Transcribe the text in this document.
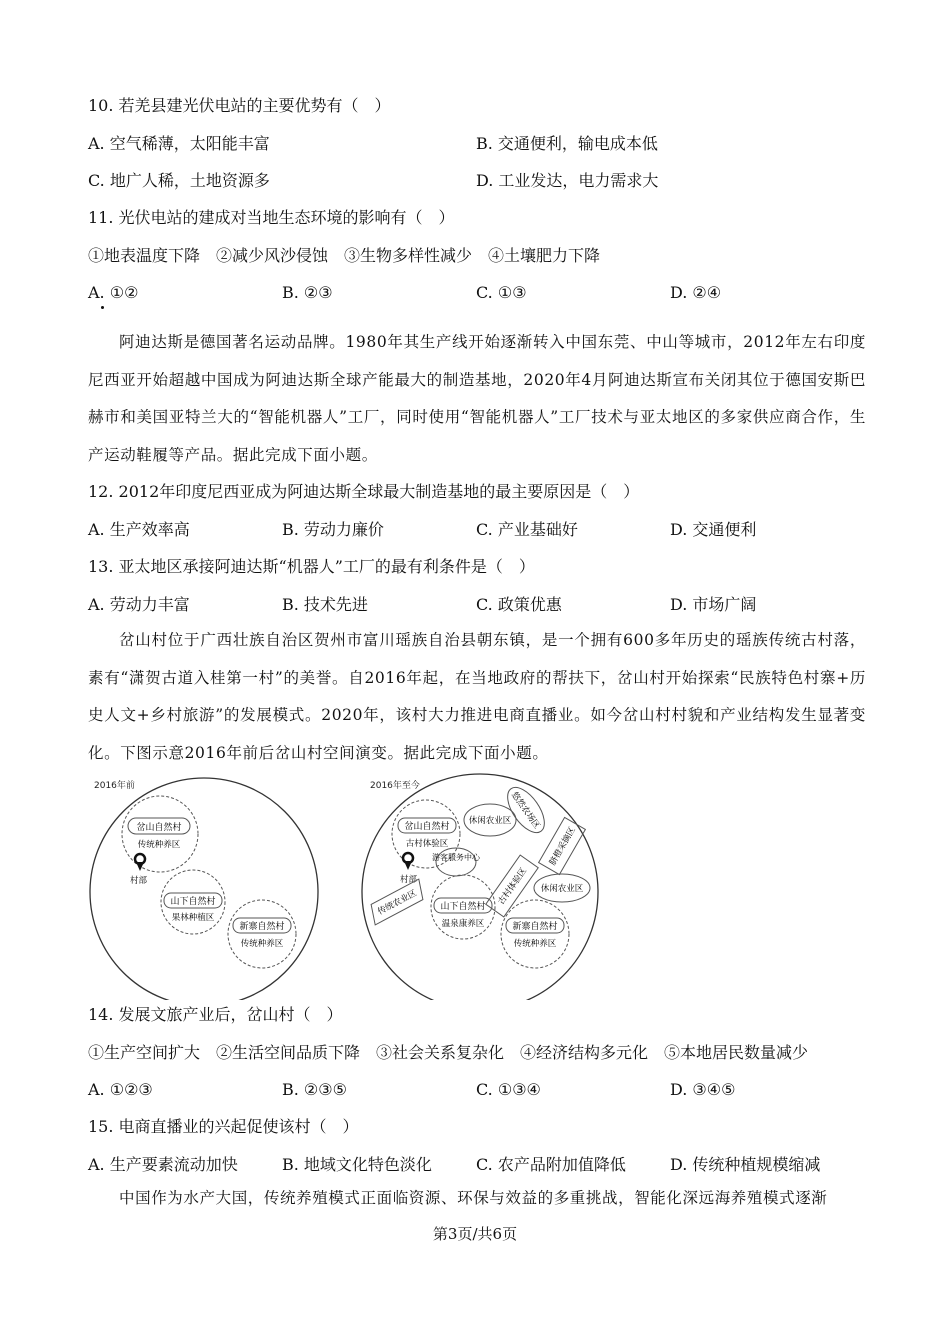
10. 若羌县建光伏电站的主要优势有（　）
A. 空气稀薄，太阳能丰富	B. 交通便利，输电成本低
C. 地广人稀，土地资源多	D. 工业发达，电力需求大
11. 光伏电站的建成对当地生态环境的影响有（　）
①地表温度下降　②减少风沙侵蚀　③生物多样性减少　④土壤肥力下降
A. ①②	B. ②③	C. ①③	D. ②④
阿迪达斯是德国著名运动品牌。1980年其生产线开始逐渐转入中国东莞、中山等城市，2012年左右印度尼西亚开始超越中国成为阿迪达斯全球产能最大的制造基地，2020年4月阿迪达斯宣布关闭其位于德国安斯巴赫市和美国亚特兰大的“智能机器人”工厂，同时使用“智能机器人”工厂技术与亚太地区的多家供应商合作，生产运动鞋履等产品。据此完成下面小题。
12. 2012年印度尼西亚成为阿迪达斯全球最大制造基地的最主要原因是（　）
A. 生产效率高	B. 劳动力廉价	C. 产业基础好	D. 交通便利
13. 亚太地区承接阿迪达斯“机器人”工厂的最有利条件是（　）
A. 劳动力丰富	B. 技术先进	C. 政策优惠	D. 市场广阔
岔山村位于广西壮族自治区贺州市富川瑶族自治县朝东镇，是一个拥有600多年历史的瑶族传统古村落，素有“潇贺古道入桂第一村”的美誉。自2016年起，在当地政府的帮扶下，岔山村开始探索“民族特色村寨+历史人文+乡村旅游”的发展模式。2020年，该村大力推进电商直播业。如今岔山村村貌和产业结构发生显著变化。下图示意2016年前后岔山村空间演变。据此完成下面小题。
2016年前
岔山自然村
传统种养区
村部
山下自然村
果林种植区
新寨自然村
传统种养区
2016年至今
岔山自然村
古村体验区
村部
休闲农业区
悠然农场区
脐橙采摘区
游客服务中心
古村体验区 休闲农业区
传统农业区 山下自然村
温泉康养区	新寨自然村
传统种养区
14. 发展文旅产业后，岔山村（　）
①生产空间扩大　②生活空间品质下降　③社会关系复杂化　④经济结构多元化　⑤本地居民数量减少
A. ①②③	B. ②③⑤	C. ①③④	D. ③④⑤
15. 电商直播业的兴起促使该村（　）
A. 生产要素流动加快	B. 地域文化特色淡化	C. 农产品附加值降低	D. 传统种植规模缩减
中国作为水产大国，传统养殖模式正面临资源、环保与效益的多重挑战，智能化深远海养殖模式逐渐
第3页/共6页
